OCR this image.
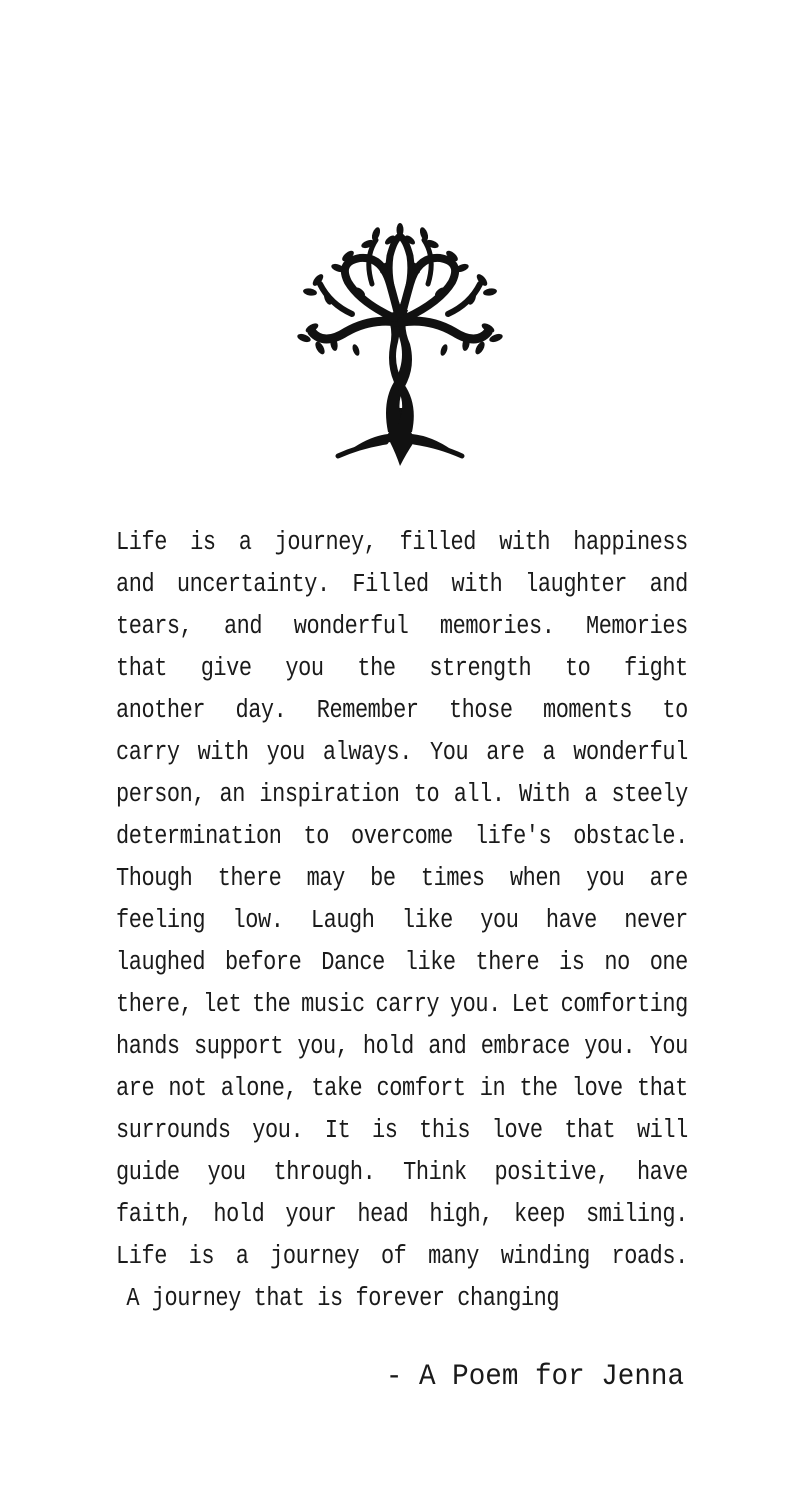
Life is a journey, filled with happiness
and uncertainty. Filled with laughter and
tears, and wonderful memories. Memories
that give you the strength to fight
another day. Remember those moments to
carry with you always. You are a wonderful
person, an inspiration to all. With a steely
determination to overcome life's obstacle.
Though there may be times when you are
feeling low. Laugh like you have never
laughed before Dance like there is no one
there, let the music carry you. Let comforting
hands support you, hold and embrace you. You
are not alone, take comfort in the love that
surrounds you. It is this love that will
guide you through. Think positive, have
faith, hold your head high, keep smiling.
Life is a journey of many winding roads.
A journey that is forever changing
- A Poem for Jenna
